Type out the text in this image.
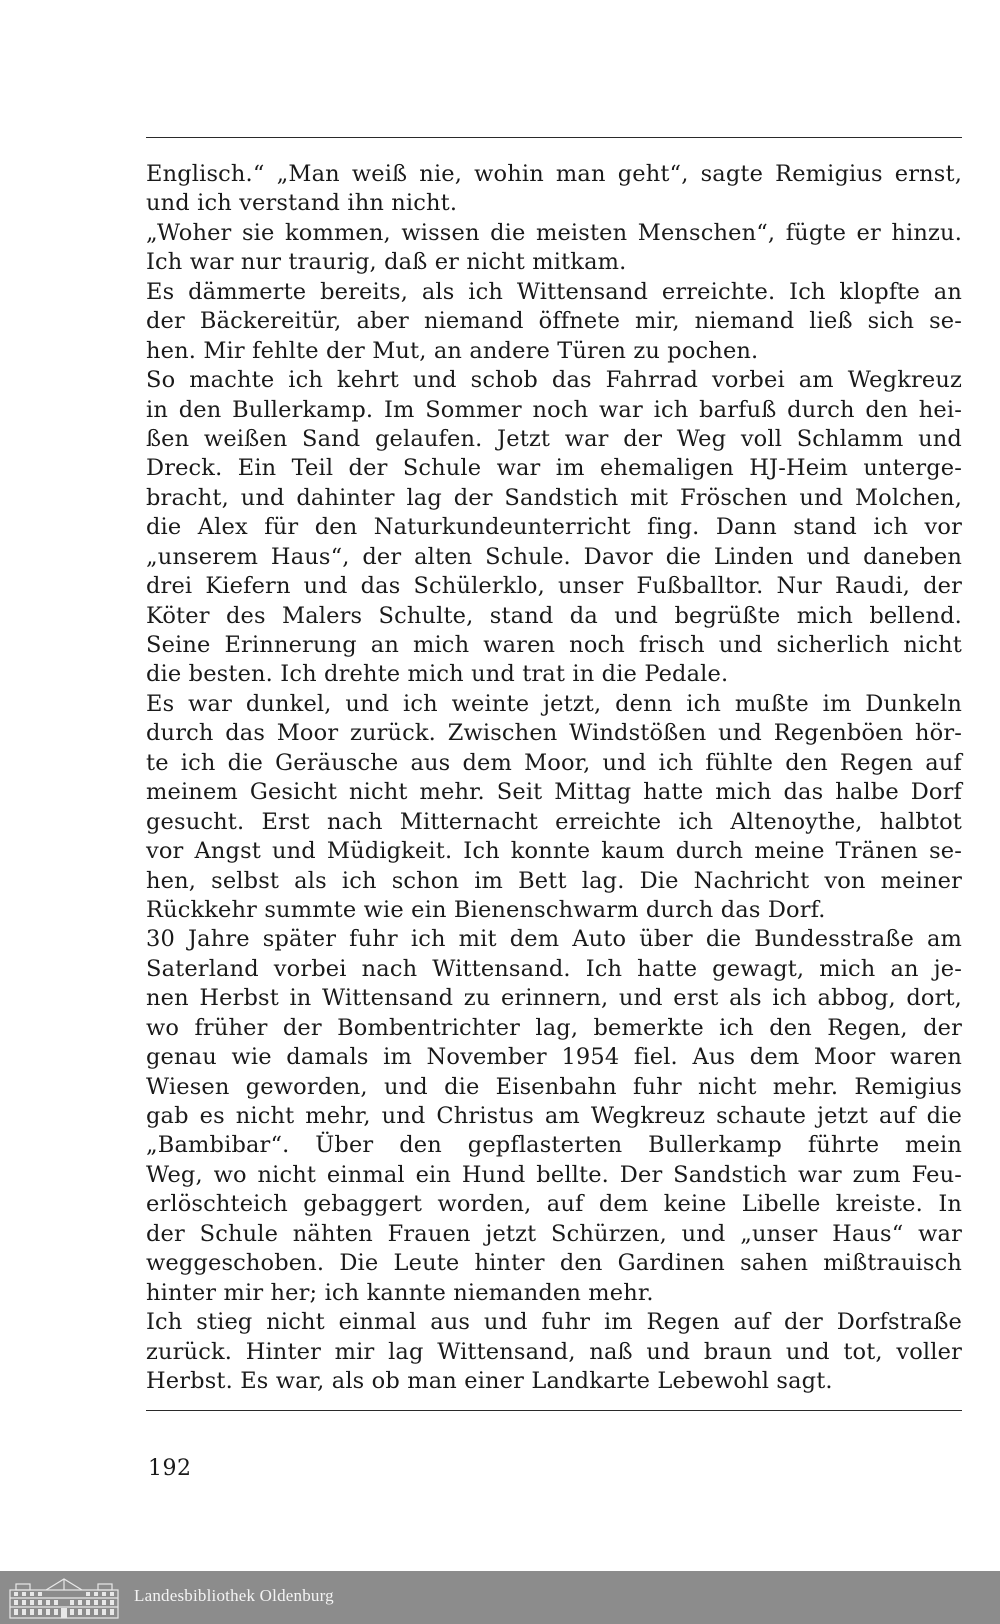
Englisch.“ „Man weiß nie, wohin man geht“, sagte Remigius ernst,
und ich verstand ihn nicht.
„Woher sie kommen, wissen die meisten Menschen“, fügte er hinzu.
Ich war nur traurig, daß er nicht mitkam.
Es dämmerte bereits, als ich Wittensand erreichte. Ich klopfte an
der Bäckereitür, aber niemand öffnete mir, niemand ließ sich se-
hen. Mir fehlte der Mut, an andere Türen zu pochen.
So machte ich kehrt und schob das Fahrrad vorbei am Wegkreuz
in den Bullerkamp. Im Sommer noch war ich barfuß durch den hei-
ßen weißen Sand gelaufen. Jetzt war der Weg voll Schlamm und
Dreck. Ein Teil der Schule war im ehemaligen HJ-Heim unterge-
bracht, und dahinter lag der Sandstich mit Fröschen und Molchen,
die Alex für den Naturkundeunterricht fing. Dann stand ich vor
„unserem Haus“, der alten Schule. Davor die Linden und daneben
drei Kiefern und das Schülerklo, unser Fußballtor. Nur Raudi, der
Köter des Malers Schulte, stand da und begrüßte mich bellend.
Seine Erinnerung an mich waren noch frisch und sicherlich nicht
die besten. Ich drehte mich und trat in die Pedale.
Es war dunkel, und ich weinte jetzt, denn ich mußte im Dunkeln
durch das Moor zurück. Zwischen Windstößen und Regenböen hör-
te ich die Geräusche aus dem Moor, und ich fühlte den Regen auf
meinem Gesicht nicht mehr. Seit Mittag hatte mich das halbe Dorf
gesucht. Erst nach Mitternacht erreichte ich Altenoythe, halbtot
vor Angst und Müdigkeit. Ich konnte kaum durch meine Tränen se-
hen, selbst als ich schon im Bett lag. Die Nachricht von meiner
Rückkehr summte wie ein Bienenschwarm durch das Dorf.
30 Jahre später fuhr ich mit dem Auto über die Bundesstraße am
Saterland vorbei nach Wittensand. Ich hatte gewagt, mich an je-
nen Herbst in Wittensand zu erinnern, und erst als ich abbog, dort,
wo früher der Bombentrichter lag, bemerkte ich den Regen, der
genau wie damals im November 1954 fiel. Aus dem Moor waren
Wiesen geworden, und die Eisenbahn fuhr nicht mehr. Remigius
gab es nicht mehr, und Christus am Wegkreuz schaute jetzt auf die
„Bambibar“. Über den gepflasterten Bullerkamp führte mein
Weg, wo nicht einmal ein Hund bellte. Der Sandstich war zum Feu-
erlöschteich gebaggert worden, auf dem keine Libelle kreiste. In
der Schule nähten Frauen jetzt Schürzen, und „unser Haus“ war
weggeschoben. Die Leute hinter den Gardinen sahen mißtrauisch
hinter mir her; ich kannte niemanden mehr.
Ich stieg nicht einmal aus und fuhr im Regen auf der Dorfstraße
zurück. Hinter mir lag Wittensand, naß und braun und tot, voller
Herbst. Es war, als ob man einer Landkarte Lebewohl sagt.
192
Landesbibliothek Oldenburg
